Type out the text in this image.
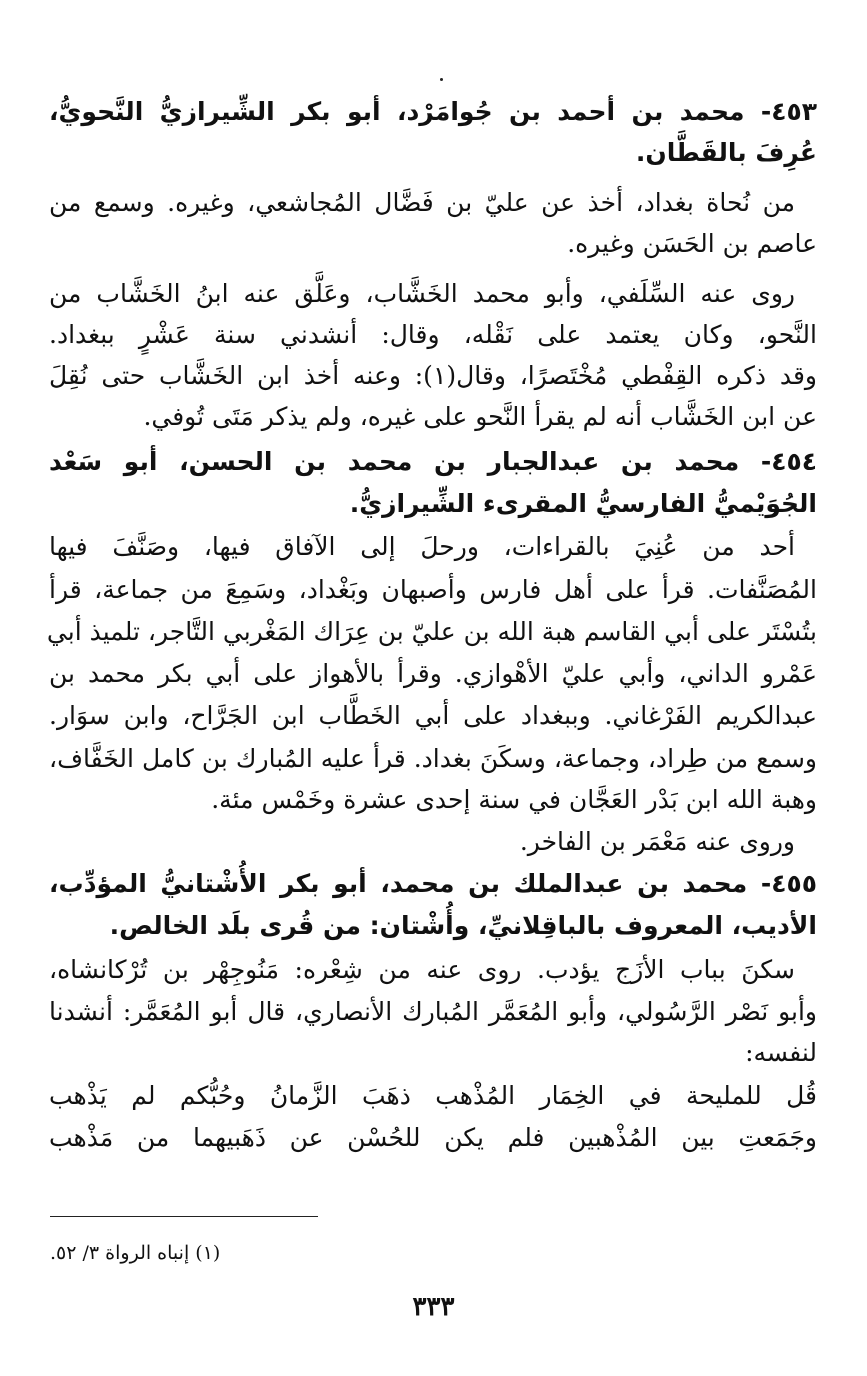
٤٥٣- محمد بن أحمد بن جُوامَرْد، أبو بكر الشِّيرازيُّ النَّحويُّ،
عُرِفَ بالقَطَّان.
من نُحاة بغداد، أخذ عن عليّ بن فَضَّال المُجاشعي، وغيره. وسمع من
عاصم بن الحَسَن وغيره.
روى عنه السِّلَفي، وأبو محمد الخَشَّاب، وعَلَّق عنه ابنُ الخَشَّاب من
النَّحو، وكان يعتمد على نَقْله، وقال: أنشدني سنة عَشْرٍ ببغداد.
وقد ذكره القِفْطي مُخْتَصرًا، وقال(١): وعنه أخذ ابن الخَشَّاب حتى نُقِلَ
عن ابن الخَشَّاب أنه لم يقرأ النَّحو على غيره، ولم يذكر مَتَى تُوفي.
٤٥٤- محمد بن عبدالجبار بن محمد بن الحسن، أبو سَعْد
الجُوَيْميُّ الفارسيُّ المقرىء الشِّيرازيُّ.
أحد من عُنِيَ بالقراءات، ورحلَ إلى الآفاق فيها، وصَنَّفَ فيها
المُصَنَّفات. قرأ على أهل فارس وأصبهان وبَغْداد، وسَمِعَ من جماعة، قرأ
بتُسْتَر على أبي القاسم هبة الله بن عليّ بن عِرَاك المَغْربي التَّاجر، تلميذ أبي
عَمْرو الداني، وأبي عليّ الأهْوازي. وقرأ بالأهواز على أبي بكر محمد بن
عبدالكريم الفَرْغاني. وببغداد على أبي الخَطَّاب ابن الجَرَّاح، وابن سوَار.
وسمع من طِراد، وجماعة، وسكَنَ بغداد. قرأ عليه المُبارك بن كامل الخَفَّاف،
وهبة الله ابن بَدْر العَجَّان في سنة إحدى عشرة وخَمْس مئة.
وروى عنه مَعْمَر بن الفاخر.
٤٥٥- محمد بن عبدالملك بن محمد، أبو بكر الأُشْتانيُّ المؤدِّب،
الأديب، المعروف بالباقِلانيِّ، وأُشْتان: من قُرى بلَد الخالص.
سكنَ بباب الأزَج يؤدب. روى عنه من شِعْره: مَنُوجِهْر بن تُرْكانشاه،
وأبو نَصْر الرَّسُولي، وأبو المُعَمَّر المُبارك الأنصاري، قال أبو المُعَمَّر: أنشدنا
لنفسه:
قُل للمليحة في الخِمَار المُذْهب ذهَبَ الزَّمانُ وحُبُّكم لم يَذْهب
وجَمَعتِ بين المُذْهبين فلم يكن للحُسْن عن ذَهَبيهما من مَذْهب
(١) إنباه الرواة ٣/ ٥٢.
٣٣٣
